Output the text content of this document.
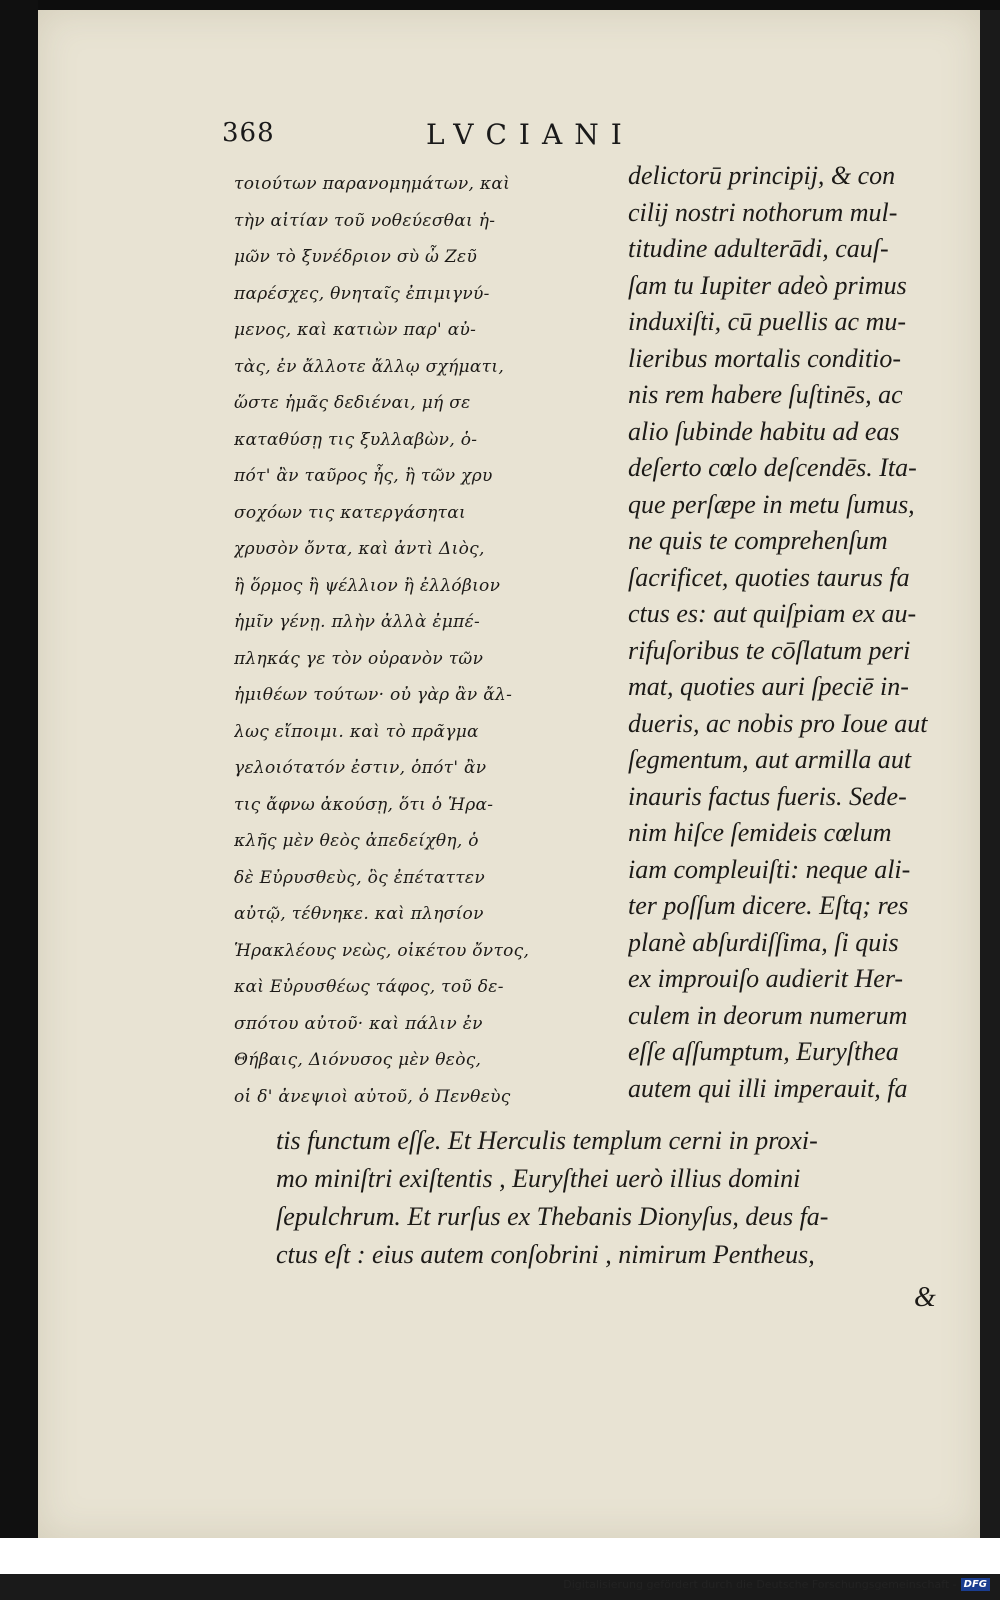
368	LVCIANI
τοιούτων παρανομημάτων, καὶ
τὴν αἰτίαν τοῦ νοθεύεσθαι ἡ-
μῶν τὸ ξυνέδριον σὺ ὦ Ζεῦ
παρέσχες, θνηταῖς ἐπιμιγνύ-
μενος, καὶ κατιὼν παρ' αὐ-
τὰς, ἐν ἄλλοτε ἄλλῳ σχήματι,
ὥστε ἡμᾶς δεδιέναι, μή σε
καταθύσῃ τις ξυλλαβὼν, ὁ-
πότ' ἂν ταῦρος ἦς, ἢ τῶν χρυ
σοχόων τις κατεργάσηται
χρυσὸν ὄντα, καὶ ἀντὶ Διὸς,
ἢ ὅρμος ἢ ψέλλιον ἢ ἐλλόβιον
ἡμῖν γένῃ. πλὴν ἀλλὰ ἐμπέ-
πληκάς γε τὸν οὐρανὸν τῶν
ἡμιθέων τούτων· οὐ γὰρ ἂν ἄλ-
λως εἴποιμι. καὶ τὸ πρᾶγμα
γελοιότατόν ἐστιν, ὁπότ' ἂν
τις ἄφνω ἀκούσῃ, ὅτι ὁ Ἡρα-
κλῆς μὲν θεὸς ἀπεδείχθη, ὁ
δὲ Εὐρυσθεὺς, ὃς ἐπέταττεν
αὐτῷ, τέθνηκε. καὶ πλησίον
Ἡρακλέους νεὼς, οἰκέτου ὄντος,
καὶ Εὐρυσθέως τάφος, τοῦ δε-
σπότου αὐτοῦ· καὶ πάλιν ἐν
Θήβαις, Διόνυσος μὲν θεὸς,
οἱ δ' ἀνεψιοὶ αὐτοῦ, ὁ Πενθεὺς
delictorū principij, & con
cilij nostri nothorum mul-
titudine adulterādi, cauſ-
ſam tu Iupiter adeò primus
induxiſti, cū puellis ac mu-
lieribus mortalis conditio-
nis rem habere ſuſtinēs, ac
alio ſubinde habitu ad eas
deſerto cœlo deſcendēs. Ita-
que perſæpe in metu ſumus,
ne quis te comprehenſum
ſacrificet, quoties taurus fa
ctus es: aut quiſpiam ex au-
rifuſoribus te cōſlatum peri
mat, quoties auri ſpeciē in-
dueris, ac nobis pro Ioue aut
ſegmentum, aut armilla aut
inauris factus fueris. Sede-
nim hiſce ſemideis cœlum
iam compleuiſti: neque ali-
ter poſſum dicere. Eſtq; res
planè abſurdiſſima, ſi quis
ex improuiſo audierit Her-
culem in deorum numerum
eſſe aſſumptum, Euryſthea
autem qui illi imperauit, fa
tis functum eſſe. Et Herculis templum cerni in proxi-
mo miniſtri exiſtentis , Euryſthei uerò illius domini
ſepulchrum. Et rurſus ex Thebanis Dionyſus, deus fa-
ctus eſt : eius autem conſobrini , nimirum Pentheus,
&
Digitalisierung gefördert durch die Deutsche Forschungsgemeinschaft - DFG
